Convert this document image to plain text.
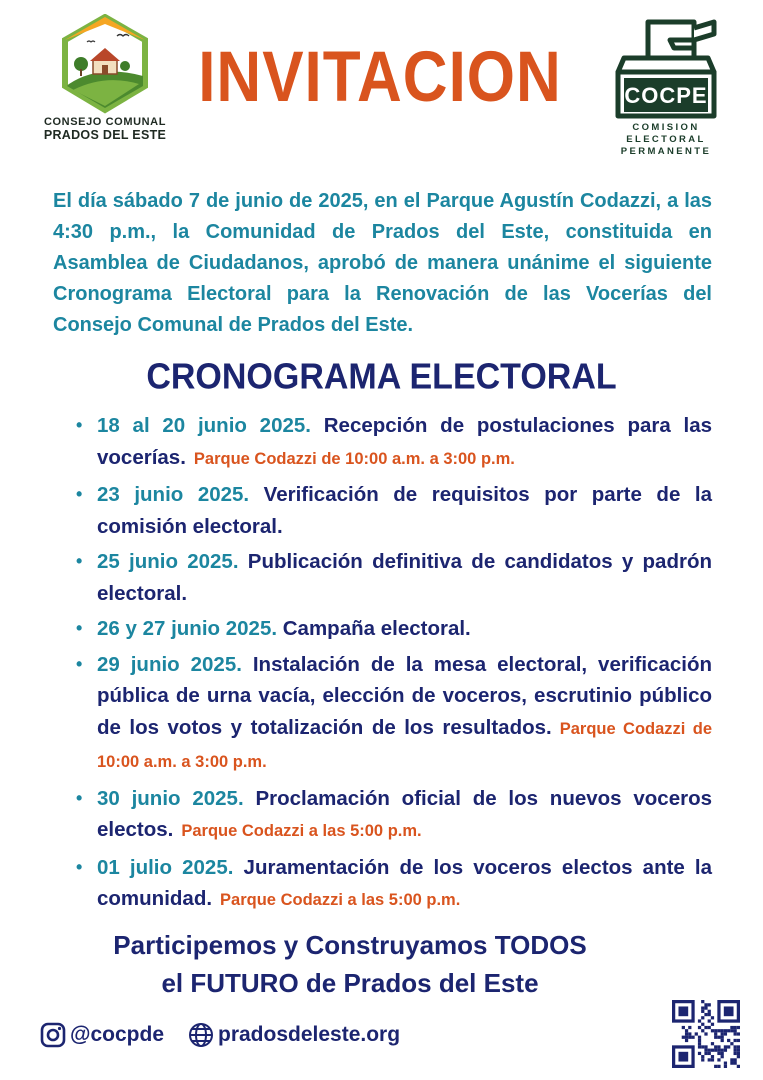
CONSEJO COMUNAL
PRADOS DEL ESTE
INVITACION	COCPE
COMISION
ELECTORAL
PERMANENTE

El día sábado 7 de junio de 2025, en el Parque Agustín Codazzi, a las 4:30 p.m., la Comunidad de Prados del Este, constituida en Asamblea de Ciudadanos, aprobó de manera unánime el siguiente Cronograma Electoral para la Renovación de las Vocerías del Consejo Comunal de Prados del Este.

CRONOGRAMA ELECTORAL
• 18 al 20 junio 2025. Recepción de postulaciones para las vocerías. Parque Codazzi de 10:00 a.m. a 3:00 p.m.
• 23 junio 2025. Verificación de requisitos por parte de la comisión electoral.
• 25 junio 2025. Publicación definitiva de candidatos y padrón electoral.
• 26 y 27 junio 2025. Campaña electoral.
• 29 junio 2025. Instalación de la mesa electoral, verificación pública de urna vacía, elección de voceros, escrutinio público de los votos y totalización de los resultados. Parque Codazzi de 10:00 a.m. a 3:00 p.m.
• 30 junio 2025. Proclamación oficial de los nuevos voceros electos. Parque Codazzi a las 5:00 p.m.
• 01 julio 2025. Juramentación de los voceros electos ante la comunidad. Parque Codazzi a las 5:00 p.m.
Participemos y Construyamos TODOS
el FUTURO de Prados del Este
@cocpde	pradosdeleste.org
